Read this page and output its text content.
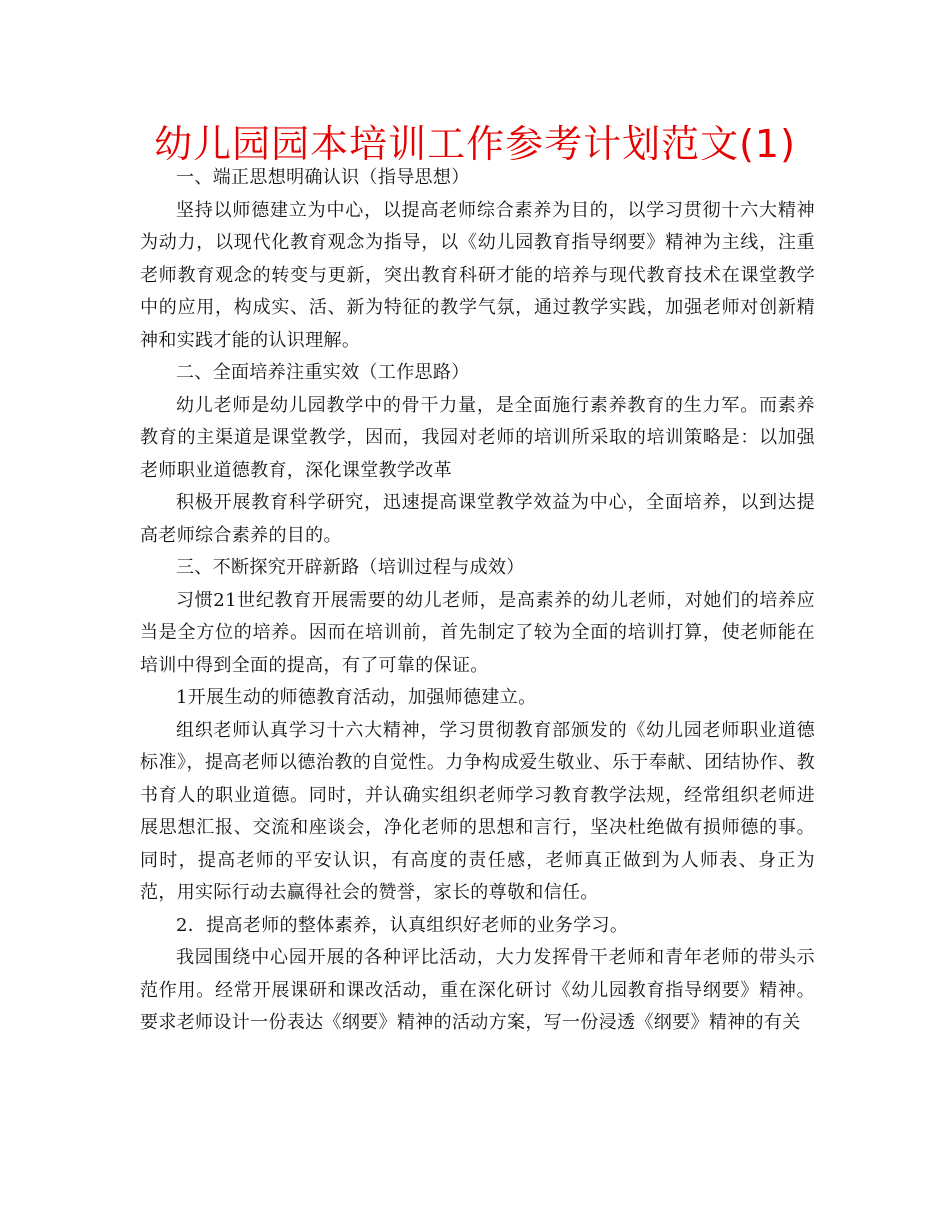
幼儿园园本培训工作参考计划范文(1)

一、端正思想明确认识（指导思想）

坚持以师德建立为中心，以提高老师综合素养为目的，以学习贯彻十六大精神为动力，以现代化教育观念为指导，以《幼儿园教育指导纲要》精神为主线，注重老师教育观念的转变与更新，突出教育科研才能的培养与现代教育技术在课堂教学中的应用，构成实、活、新为特征的教学气氛，通过教学实践，加强老师对创新精神和实践才能的认识理解。

二、全面培养注重实效（工作思路）

幼儿老师是幼儿园教学中的骨干力量，是全面施行素养教育的生力军。而素养教育的主渠道是课堂教学，因而，我园对老师的培训所采取的培训策略是：以加强老师职业道德教育，深化课堂教学改革

积极开展教育科学研究，迅速提高课堂教学效益为中心，全面培养，以到达提高老师综合素养的目的。

三、不断探究开辟新路（培训过程与成效）

习惯21世纪教育开展需要的幼儿老师，是高素养的幼儿老师，对她们的培养应当是全方位的培养。因而在培训前，首先制定了较为全面的培训打算，使老师能在培训中得到全面的提高，有了可靠的保证。

1开展生动的师德教育活动，加强师德建立。

组织老师认真学习十六大精神，学习贯彻教育部颁发的《幼儿园老师职业道德标准》，提高老师以德治教的自觉性。力争构成爱生敬业、乐于奉献、团结协作、教书育人的职业道德。同时，并认确实组织老师学习教育教学法规，经常组织老师进展思想汇报、交流和座谈会，净化老师的思想和言行，坚决杜绝做有损师德的事。同时，提高老师的平安认识，有高度的责任感，老师真正做到为人师表、身正为范，用实际行动去赢得社会的赞誉，家长的尊敬和信任。

2．提高老师的整体素养，认真组织好老师的业务学习。

我园围绕中心园开展的各种评比活动，大力发挥骨干老师和青年老师的带头示范作用。经常开展课研和课改活动，重在深化研讨《幼儿园教育指导纲要》精神。要求老师设计一份表达《纲要》精神的活动方案，写一份浸透《纲要》精神的有关
